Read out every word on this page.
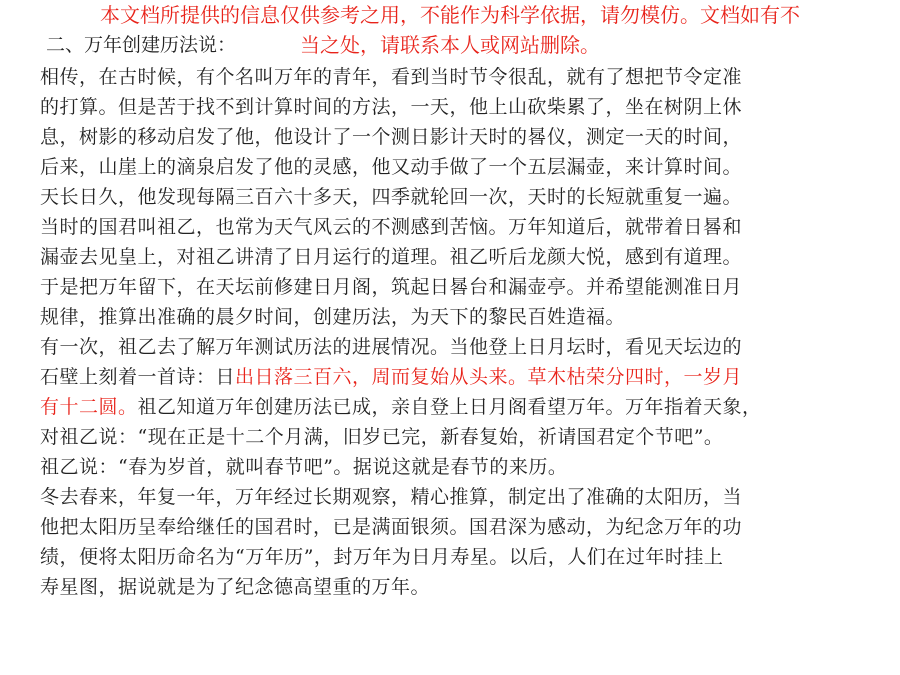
二、万年创建历法说：
相传，在古时候，有个名叫万年的青年，看到当时节令很乱，就有了想把节令定准
的打算。但是苦于找不到计算时间的方法，一天，他上山砍柴累了，坐在树阴上休
息，树影的移动启发了他，他设计了一个测日影计天时的晷仪，测定一天的时间，
后来，山崖上的滴泉启发了他的灵感，他又动手做了一个五层漏壶，来计算时间。
天长日久，他发现每隔三百六十多天，四季就轮回一次，天时的长短就重复一遍。
当时的国君叫祖乙，也常为天气风云的不测感到苦恼。万年知道后，就带着日晷和
漏壶去见皇上，对祖乙讲清了日月运行的道理。祖乙听后龙颜大悦，感到有道理。
于是把万年留下，在天坛前修建日月阁，筑起日晷台和漏壶亭。并希望能测准日月
规律，推算出准确的晨夕时间，创建历法，为天下的黎民百姓造福。
有一次，祖乙去了解万年测试历法的进展情况。当他登上日月坛时，看见天坛边的
石壁上刻着一首诗：日出日落三百六，周而复始从头来。草木枯荣分四时，一岁月
有十二圆。祖乙知道万年创建历法已成，亲自登上日月阁看望万年。万年指着天象，
对祖乙说：“现在正是十二个月满，旧岁已完，新春复始，祈请国君定个节吧”。
祖乙说：“春为岁首，就叫春节吧”。据说这就是春节的来历。
冬去春来，年复一年，万年经过长期观察，精心推算，制定出了准确的太阳历，当
他把太阳历呈奉给继任的国君时，已是满面银须。国君深为感动，为纪念万年的功
绩，便将太阳历命名为“万年历”，封万年为日月寿星。以后，人们在过年时挂上
寿星图，据说就是为了纪念德高望重的万年。
本文档所提供的信息仅供参考之用，不能作为科学依据，请勿模仿。文档如有不
当之处，请联系本人或网站删除。
